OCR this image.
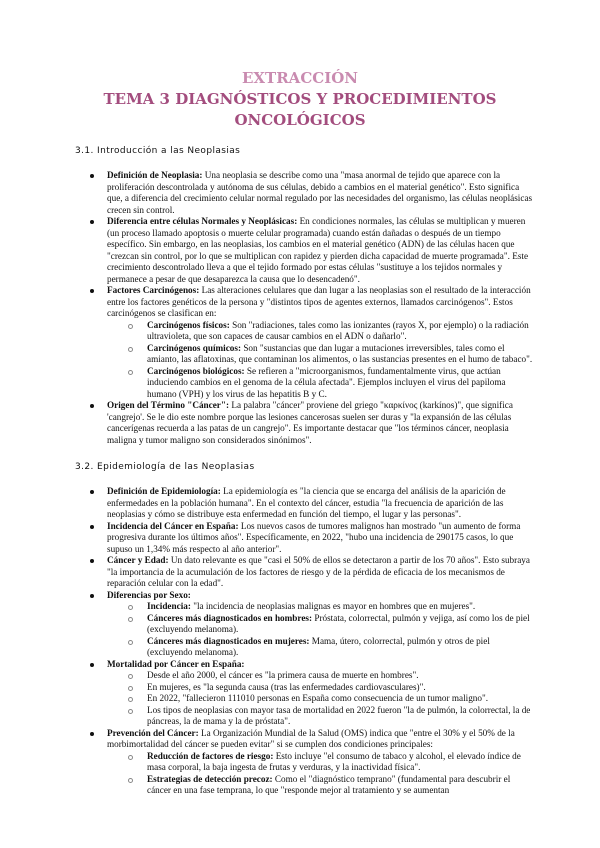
EXTRACCIÓN
TEMA 3 DIAGNÓSTICOS Y PROCEDIMIENTOS
ONCOLÓGICOS
3.1. Introducción a las Neoplasias
Definición de Neoplasia: Una neoplasia se describe como una "masa anormal de tejido que aparece con la proliferación descontrolada y autónoma de sus células, debido a cambios en el material genético". Esto significa que, a diferencia del crecimiento celular normal regulado por las necesidades del organismo, las células neoplásicas crecen sin control.
Diferencia entre células Normales y Neoplásicas: En condiciones normales, las células se multiplican y mueren (un proceso llamado apoptosis o muerte celular programada) cuando están dañadas o después de un tiempo específico. Sin embargo, en las neoplasias, los cambios en el material genético (ADN) de las células hacen que "crezcan sin control, por lo que se multiplican con rapidez y pierden dicha capacidad de muerte programada". Este crecimiento descontrolado lleva a que el tejido formado por estas células "sustituye a los tejidos normales y permanece a pesar de que desaparezca la causa que lo desencadenó".
Factores Carcinógenos: Las alteraciones celulares que dan lugar a las neoplasias son el resultado de la interacción entre los factores genéticos de la persona y "distintos tipos de agentes externos, llamados carcinógenos". Estos carcinógenos se clasifican en:
Carcinógenos físicos: Son "radiaciones, tales como las ionizantes (rayos X, por ejemplo) o la radiación ultravioleta, que son capaces de causar cambios en el ADN o dañarlo".
Carcinógenos químicos: Son "sustancias que dan lugar a mutaciones irreversibles, tales como el amianto, las aflatoxinas, que contaminan los alimentos, o las sustancias presentes en el humo de tabaco".
Carcinógenos biológicos: Se refieren a "microorganismos, fundamentalmente virus, que actúan induciendo cambios en el genoma de la célula afectada". Ejemplos incluyen el virus del papiloma humano (VPH) y los virus de las hepatitis B y C.
Origen del Término "Cáncer": La palabra "cáncer" proviene del griego "καρκίνος (karkínos)", que significa 'cangrejo'. Se le dio este nombre porque las lesiones cancerosas suelen ser duras y "la expansión de las células cancerígenas recuerda a las patas de un cangrejo". Es importante destacar que "los términos cáncer, neoplasia maligna y tumor maligno son considerados sinónimos".
3.2. Epidemiología de las Neoplasias
Definición de Epidemiología: La epidemiología es "la ciencia que se encarga del análisis de la aparición de enfermedades en la población humana". En el contexto del cáncer, estudia "la frecuencia de aparición de las neoplasias y cómo se distribuye esta enfermedad en función del tiempo, el lugar y las personas".
Incidencia del Cáncer en España: Los nuevos casos de tumores malignos han mostrado "un aumento de forma progresiva durante los últimos años". Específicamente, en 2022, "hubo una incidencia de 290175 casos, lo que supuso un 1,34% más respecto al año anterior".
Cáncer y Edad: Un dato relevante es que "casi el 50% de ellos se detectaron a partir de los 70 años". Esto subraya "la importancia de la acumulación de los factores de riesgo y de la pérdida de eficacia de los mecanismos de reparación celular con la edad".
Diferencias por Sexo:
Incidencia: "la incidencia de neoplasias malignas es mayor en hombres que en mujeres".
Cánceres más diagnosticados en hombres: Próstata, colorrectal, pulmón y vejiga, así como los de piel (excluyendo melanoma).
Cánceres más diagnosticados en mujeres: Mama, útero, colorrectal, pulmón y otros de piel (excluyendo melanoma).
Mortalidad por Cáncer en España:
Desde el año 2000, el cáncer es "la primera causa de muerte en hombres".
En mujeres, es "la segunda causa (tras las enfermedades cardiovasculares)".
En 2022, "fallecieron 111010 personas en España como consecuencia de un tumor maligno".
Los tipos de neoplasias con mayor tasa de mortalidad en 2022 fueron "la de pulmón, la colorrectal, la de páncreas, la de mama y la de próstata".
Prevención del Cáncer: La Organización Mundial de la Salud (OMS) indica que "entre el 30% y el 50% de la morbimortalidad del cáncer se pueden evitar" si se cumplen dos condiciones principales:
Reducción de factores de riesgo: Esto incluye "el consumo de tabaco y alcohol, el elevado índice de masa corporal, la baja ingesta de frutas y verduras, y la inactividad física".
Estrategias de detección precoz: Como el "diagnóstico temprano" (fundamental para descubrir el cáncer en una fase temprana, lo que "responde mejor al tratamiento y se aumentan
